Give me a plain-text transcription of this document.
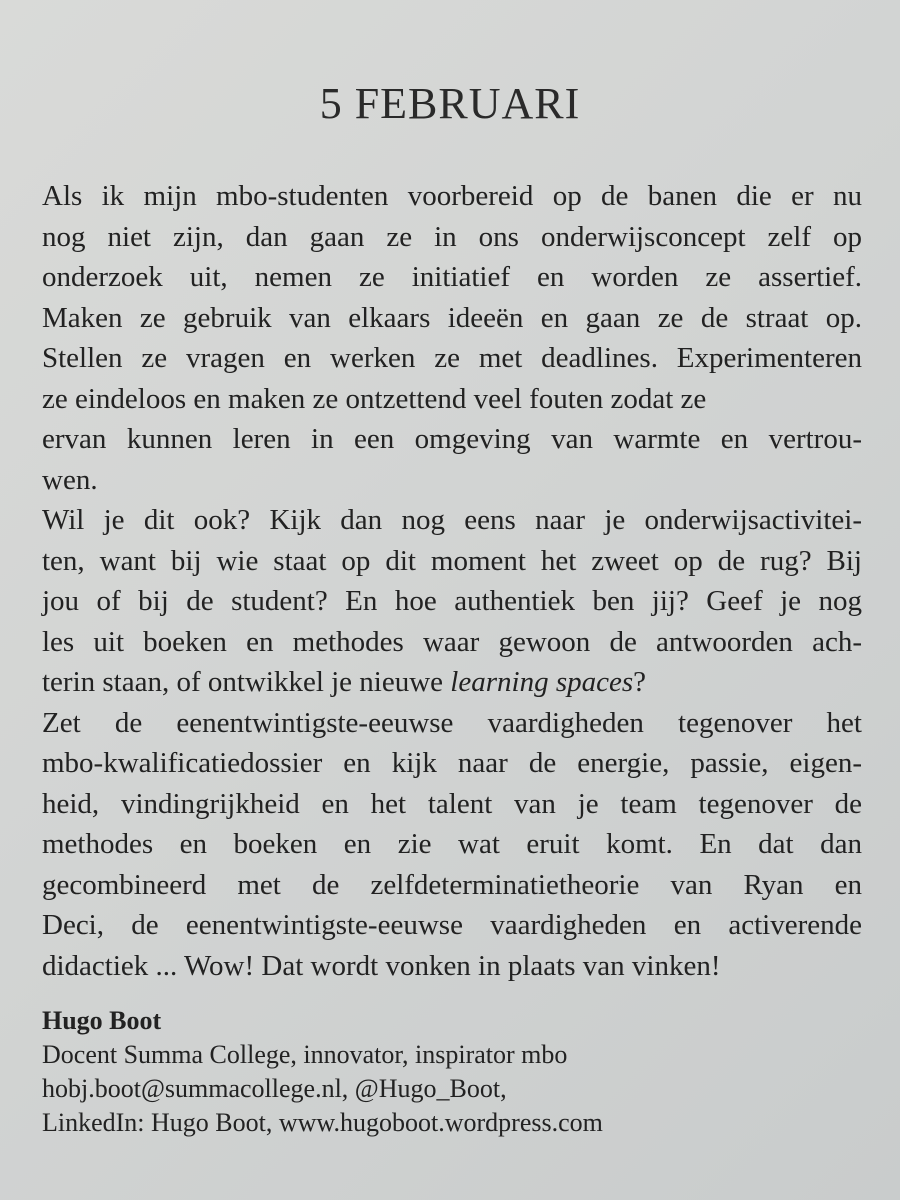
5 FEBRUARI
Als ik mijn mbo-studenten voorbereid op de banen die er nu
nog niet zijn, dan gaan ze in ons onderwijsconcept zelf op
onderzoek uit, nemen ze initiatief en worden ze assertief.
Maken ze gebruik van elkaars ideeën en gaan ze de straat op.
Stellen ze vragen en werken ze met deadlines. Experimenteren
ze eindeloos en maken ze ontzettend veel fouten zodat ze
ervan kunnen leren in een omgeving van warmte en vertrou-
wen.
Wil je dit ook? Kijk dan nog eens naar je onderwijsactivitei-
ten, want bij wie staat op dit moment het zweet op de rug? Bij
jou of bij de student? En hoe authentiek ben jij? Geef je nog
les uit boeken en methodes waar gewoon de antwoorden ach-
terin staan, of ontwikkel je nieuwe learning spaces?
Zet de eenentwintigste-eeuwse vaardigheden tegenover het
mbo-kwalificatiedossier en kijk naar de energie, passie, eigen-
heid, vindingrijkheid en het talent van je team tegenover de
methodes en boeken en zie wat eruit komt. En dat dan
gecombineerd met de zelfdeterminatietheorie van Ryan en
Deci, de eenentwintigste-eeuwse vaardigheden en activerende
didactiek ... Wow! Dat wordt vonken in plaats van vinken!
Hugo Boot
Docent Summa College, innovator, inspirator mbo
hobj.boot@summacollege.nl, @Hugo_Boot,
LinkedIn: Hugo Boot, www.hugoboot.wordpress.com
